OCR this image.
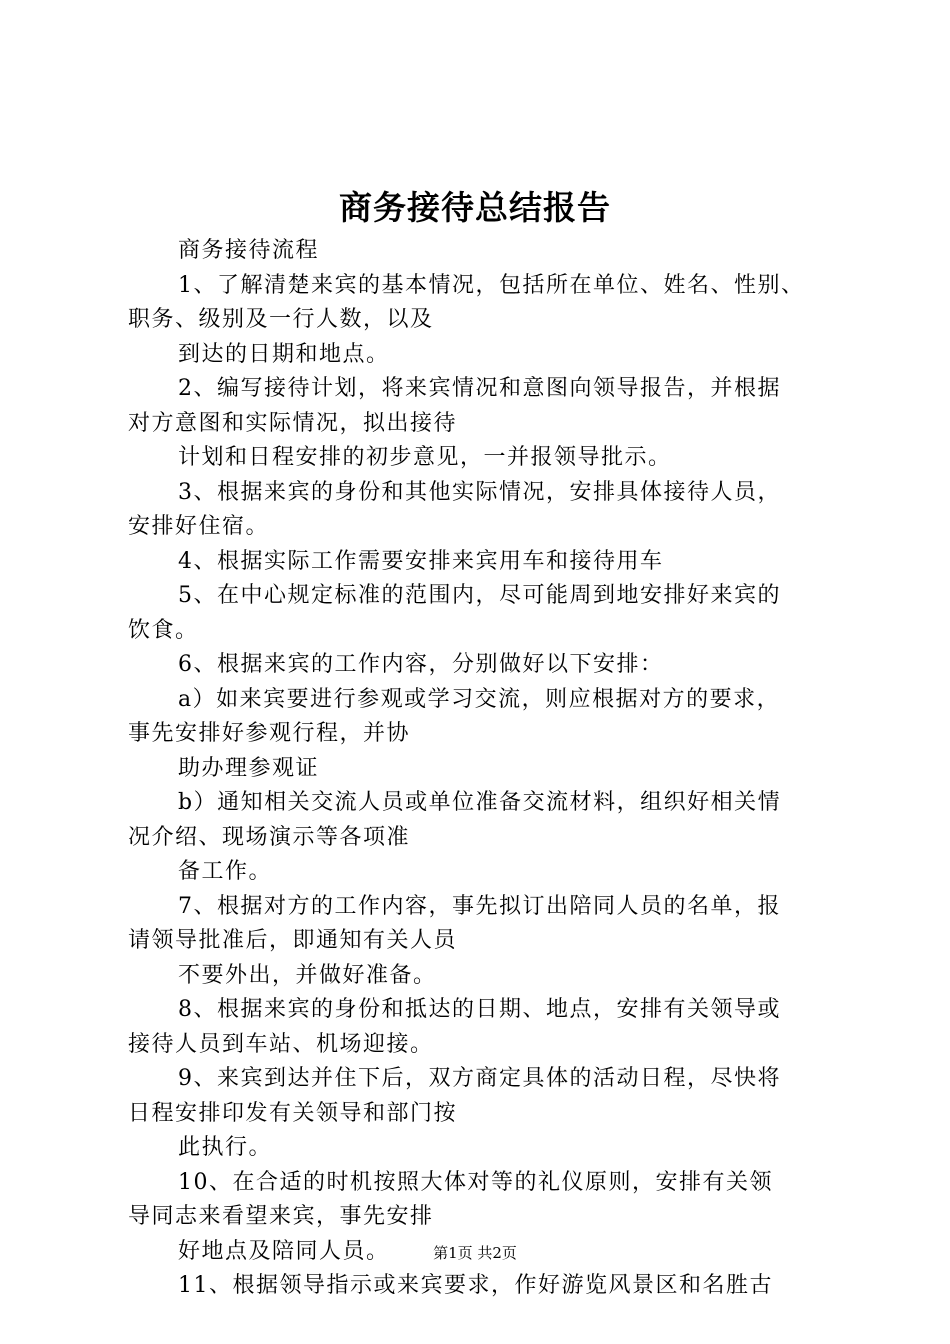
商务接待总结报告
商务接待流程
1、了解清楚来宾的基本情况，包括所在单位、姓名、性别、
职务、级别及一行人数，以及
到达的日期和地点。
2、编写接待计划，将来宾情况和意图向领导报告，并根据
对方意图和实际情况，拟出接待
计划和日程安排的初步意见，一并报领导批示。
3、根据来宾的身份和其他实际情况，安排具体接待人员，
安排好住宿。
4、根据实际工作需要安排来宾用车和接待用车
5、在中心规定标准的范围内，尽可能周到地安排好来宾的
饮食。
6、根据来宾的工作内容，分别做好以下安排：
a）如来宾要进行参观或学习交流，则应根据对方的要求，
事先安排好参观行程，并协
助办理参观证
b）通知相关交流人员或单位准备交流材料，组织好相关情
况介绍、现场演示等各项准
备工作。
7、根据对方的工作内容，事先拟订出陪同人员的名单，报
请领导批准后，即通知有关人员
不要外出，并做好准备。
8、根据来宾的身份和抵达的日期、地点，安排有关领导或
接待人员到车站、机场迎接。
9、来宾到达并住下后，双方商定具体的活动日程，尽快将
日程安排印发有关领导和部门按
此执行。
10、在合适的时机按照大体对等的礼仪原则，安排有关领
导同志来看望来宾，事先安排
好地点及陪同人员。
11、根据领导指示或来宾要求，作好游览风景区和名胜古
第1页 共2页
